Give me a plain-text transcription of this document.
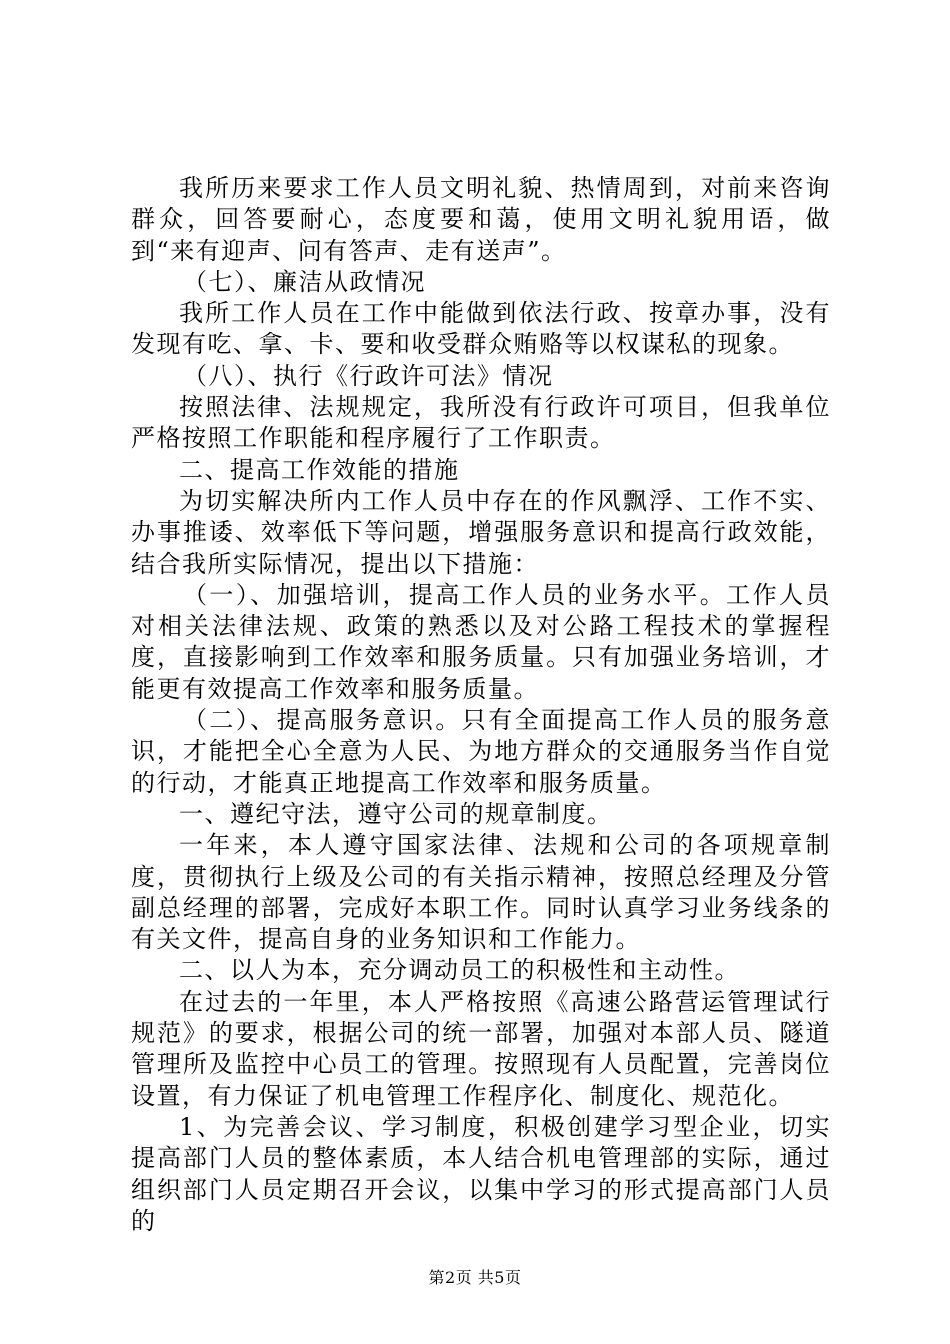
我所历来要求工作人员文明礼貌、热情周到，对前来咨询群众，回答要耐心，态度要和蔼，使用文明礼貌用语，做到“来有迎声、问有答声、走有送声”。

（七）、廉洁从政情况

我所工作人员在工作中能做到依法行政、按章办事，没有发现有吃、拿、卡、要和收受群众贿赂等以权谋私的现象。

（八）、执行《行政许可法》情况

按照法律、法规规定，我所没有行政许可项目，但我单位严格按照工作职能和程序履行了工作职责。

二、提高工作效能的措施

为切实解决所内工作人员中存在的作风飘浮、工作不实、办事推诿、效率低下等问题，增强服务意识和提高行政效能，结合我所实际情况，提出以下措施：

（一）、加强培训，提高工作人员的业务水平。工作人员对相关法律法规、政策的熟悉以及对公路工程技术的掌握程度，直接影响到工作效率和服务质量。只有加强业务培训，才能更有效提高工作效率和服务质量。

（二）、提高服务意识。只有全面提高工作人员的服务意识，才能把全心全意为人民、为地方群众的交通服务当作自觉的行动，才能真正地提高工作效率和服务质量。

一、遵纪守法，遵守公司的规章制度。

一年来，本人遵守国家法律、法规和公司的各项规章制度，贯彻执行上级及公司的有关指示精神，按照总经理及分管副总经理的部署，完成好本职工作。同时认真学习业务线条的有关文件，提高自身的业务知识和工作能力。

二、以人为本，充分调动员工的积极性和主动性。

在过去的一年里，本人严格按照《高速公路营运管理试行规范》的要求，根据公司的统一部署，加强对本部人员、隧道管理所及监控中心员工的管理。按照现有人员配置，完善岗位设置，有力保证了机电管理工作程序化、制度化、规范化。

1、为完善会议、学习制度，积极创建学习型企业，切实提高部门人员的整体素质，本人结合机电管理部的实际，通过组织部门人员定期召开会议，以集中学习的形式提高部门人员的

第2页 共5页
